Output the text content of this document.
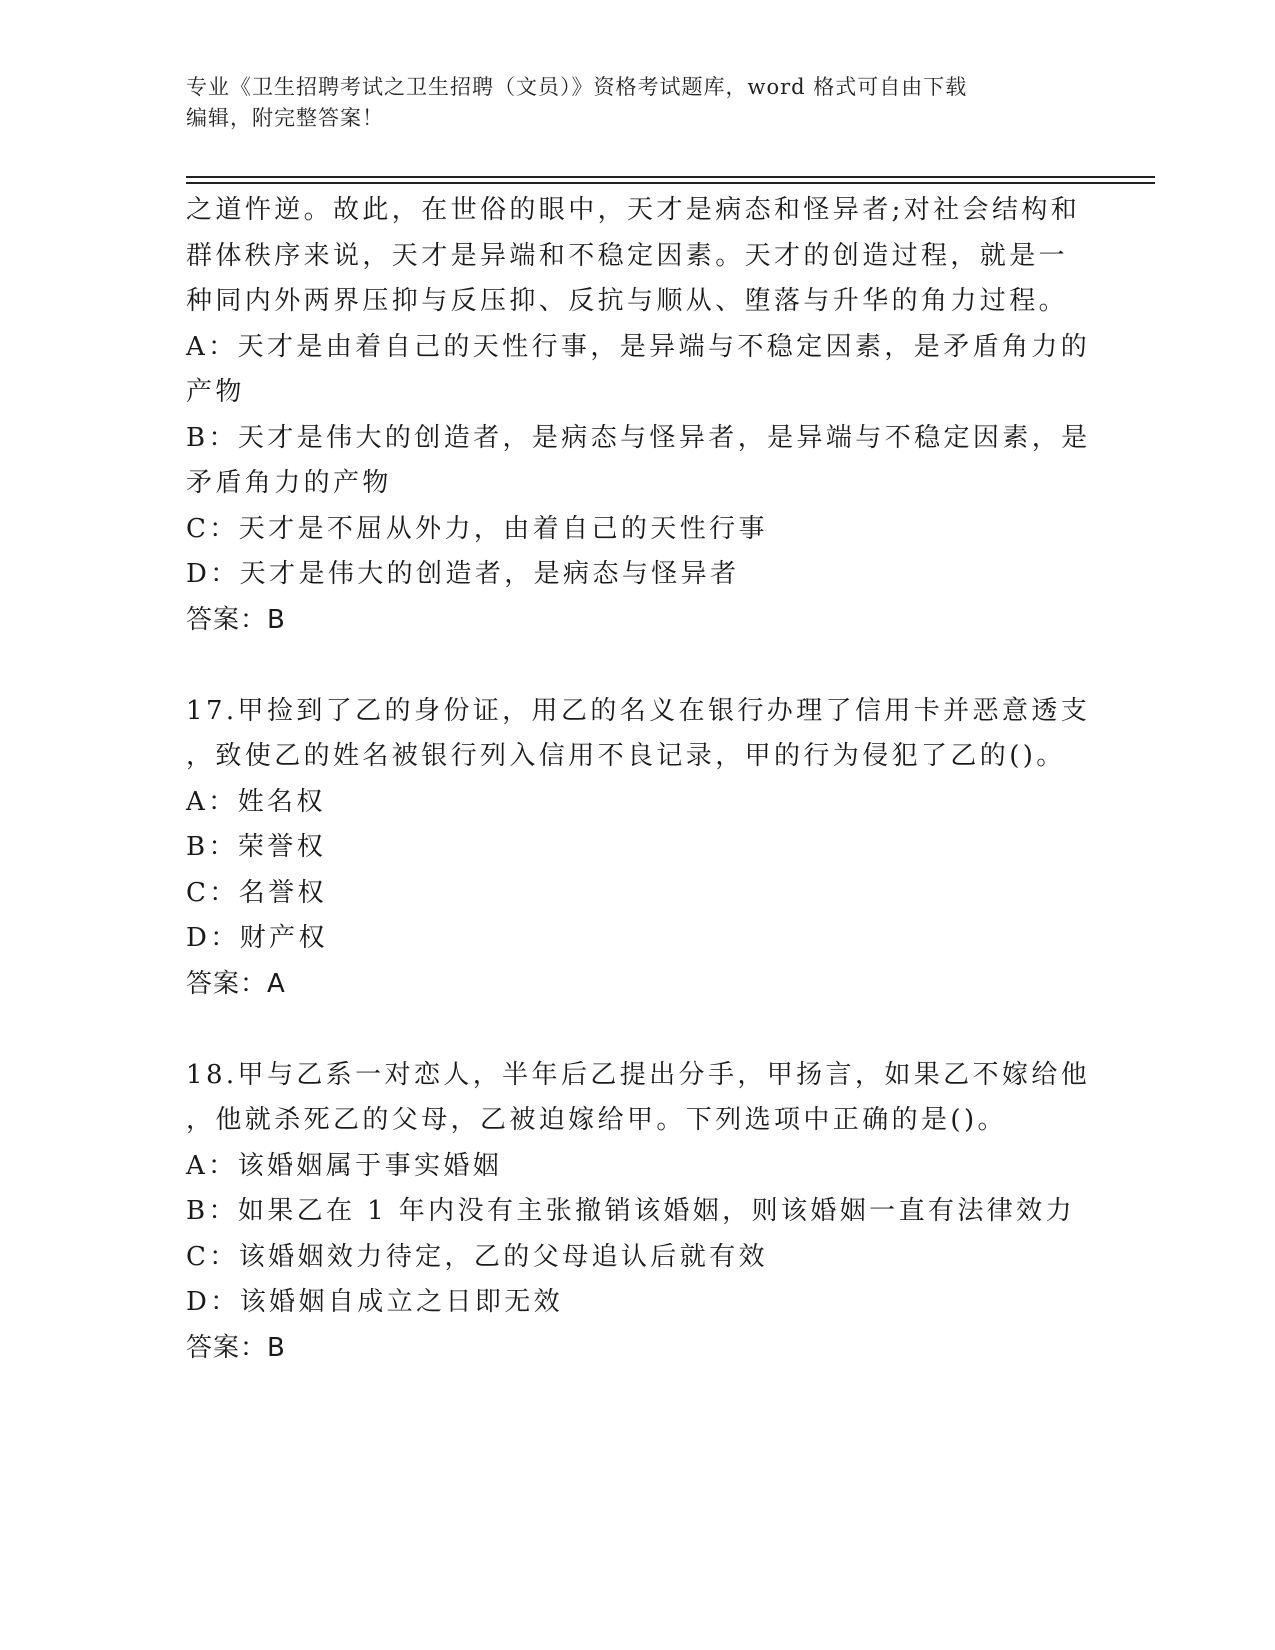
专业《卫生招聘考试之卫生招聘（文员）》资格考试题库，word 格式可自由下载
编辑，附完整答案！
之道忤逆。故此，在世俗的眼中，天才是病态和怪异者;对社会结构和
群体秩序来说，天才是异端和不稳定因素。天才的创造过程，就是一
种同内外两界压抑与反压抑、反抗与顺从、堕落与升华的角力过程。
A：天才是由着自己的天性行事，是异端与不稳定因素，是矛盾角力的
产物
B：天才是伟大的创造者，是病态与怪异者，是异端与不稳定因素，是
矛盾角力的产物
C：天才是不屈从外力，由着自己的天性行事
D：天才是伟大的创造者，是病态与怪异者
答案：B
17.甲捡到了乙的身份证，用乙的名义在银行办理了信用卡并恶意透支
，致使乙的姓名被银行列入信用不良记录，甲的行为侵犯了乙的()。
A：姓名权
B：荣誉权
C：名誉权
D：财产权
答案：A
18.甲与乙系一对恋人，半年后乙提出分手，甲扬言，如果乙不嫁给他
，他就杀死乙的父母，乙被迫嫁给甲。下列选项中正确的是()。
A：该婚姻属于事实婚姻
B：如果乙在 1 年内没有主张撤销该婚姻，则该婚姻一直有法律效力
C：该婚姻效力待定，乙的父母追认后就有效
D：该婚姻自成立之日即无效
答案：B
